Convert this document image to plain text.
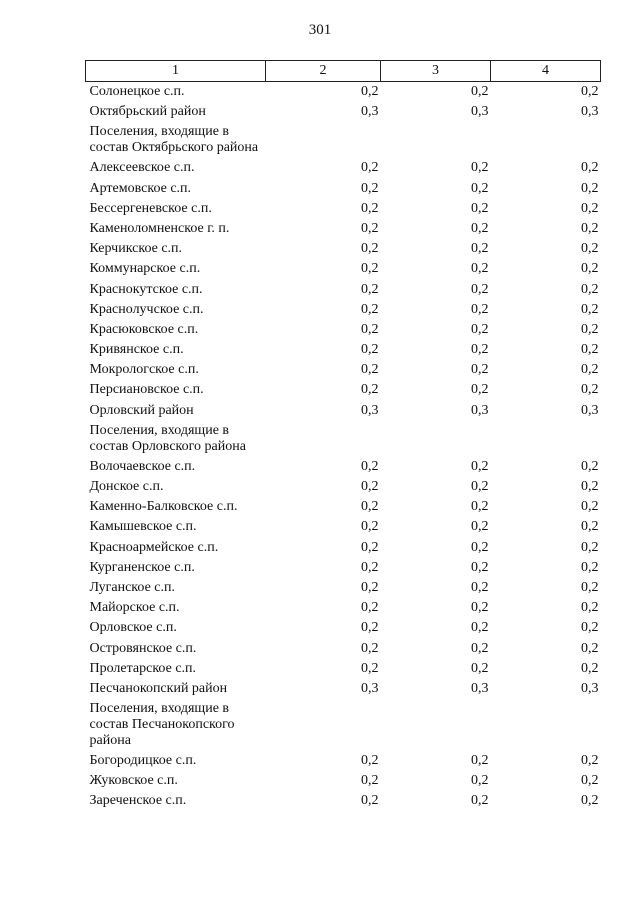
301
1	2	3	4
Солонецкое с.п.	0,2	0,2	0,2
Октябрьский район	0,3	0,3	0,3
Поселения, входящие в состав Октябрьского района			
Алексеевское с.п.	0,2	0,2	0,2
Артемовское с.п.	0,2	0,2	0,2
Бессергеневское с.п.	0,2	0,2	0,2
Каменоломненское г. п.	0,2	0,2	0,2
Керчикское с.п.	0,2	0,2	0,2
Коммунарское с.п.	0,2	0,2	0,2
Краснокутское с.п.	0,2	0,2	0,2
Краснолучское с.п.	0,2	0,2	0,2
Красюковское с.п.	0,2	0,2	0,2
Кривянское с.п.	0,2	0,2	0,2
Мокрологское с.п.	0,2	0,2	0,2
Персиановское с.п.	0,2	0,2	0,2
Орловский район	0,3	0,3	0,3
Поселения, входящие в состав Орловского района			
Волочаевское с.п.	0,2	0,2	0,2
Донское с.п.	0,2	0,2	0,2
Каменно-Балковское с.п.	0,2	0,2	0,2
Камышевское с.п.	0,2	0,2	0,2
Красноармейское с.п.	0,2	0,2	0,2
Курганенское с.п.	0,2	0,2	0,2
Луганское с.п.	0,2	0,2	0,2
Майорское с.п.	0,2	0,2	0,2
Орловское с.п.	0,2	0,2	0,2
Островянское с.п.	0,2	0,2	0,2
Пролетарское с.п.	0,2	0,2	0,2
Песчанокопский район	0,3	0,3	0,3
Поселения, входящие в состав Песчанокопского района			
Богородицкое с.п.	0,2	0,2	0,2
Жуковское с.п.	0,2	0,2	0,2
Зареченское с.п.	0,2	0,2	0,2
